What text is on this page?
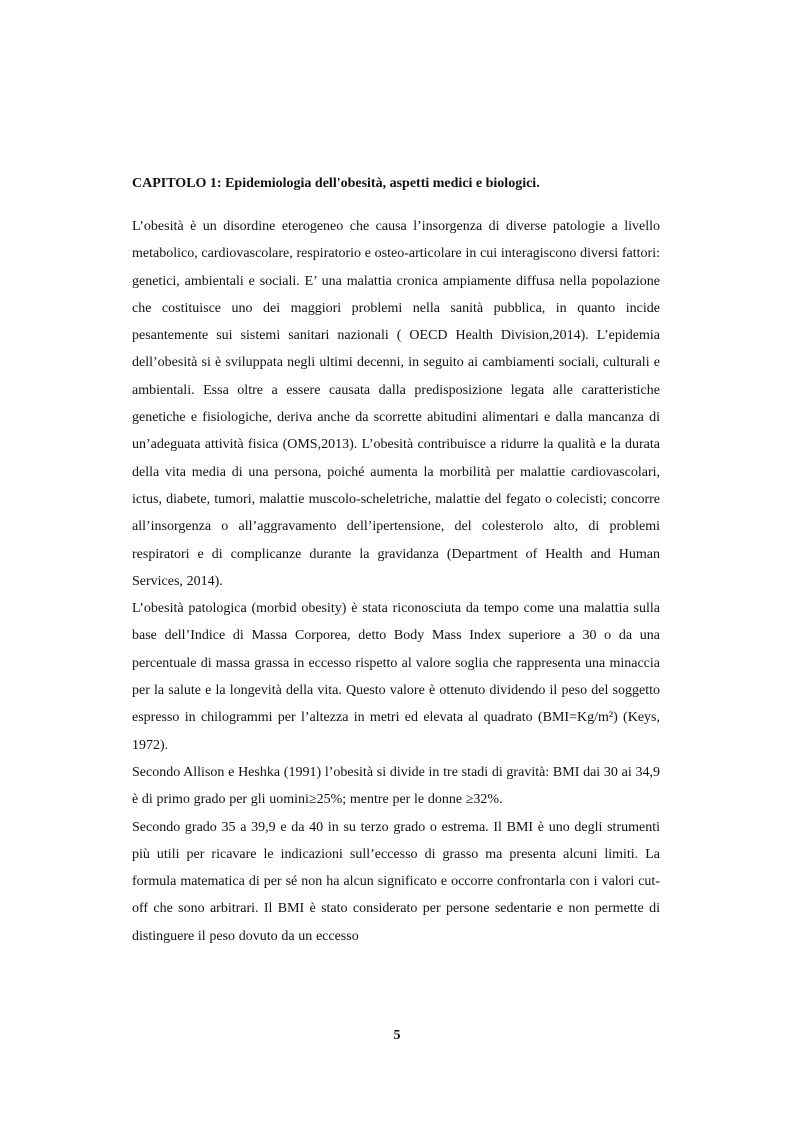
CAPITOLO 1: Epidemiologia dell'obesità, aspetti medici e biologici.

L’obesità è un disordine eterogeneo che causa l’insorgenza di diverse patologie a livello metabolico, cardiovascolare, respiratorio e osteo-articolare in cui interagiscono diversi fattori: genetici, ambientali e sociali. E’ una malattia cronica ampiamente diffusa nella popolazione che costituisce uno dei maggiori problemi nella sanità pubblica, in quanto incide pesantemente sui sistemi sanitari nazionali ( OECD Health Division,2014). L’epidemia dell’obesità si è sviluppata negli ultimi decenni, in seguito ai cambiamenti sociali, culturali e ambientali. Essa oltre a essere causata dalla predisposizione legata alle caratteristiche genetiche e fisiologiche, deriva anche da scorrette abitudini alimentari e dalla mancanza di un’adeguata attività fisica (OMS,2013). L’obesità contribuisce a ridurre la qualità e la durata della vita media di una persona, poiché aumenta la morbilità per malattie cardiovascolari, ictus, diabete, tumori, malattie muscolo-scheletriche, malattie del fegato o colecisti; concorre all’insorgenza o all’aggravamento dell’ipertensione, del colesterolo alto, di problemi respiratori e di complicanze durante la gravidanza (Department of Health and Human Services, 2014).

L’obesità patologica (morbid obesity) è stata riconosciuta da tempo come una malattia sulla base dell’Indice di Massa Corporea, detto Body Mass Index superiore a 30 o da una percentuale di massa grassa in eccesso rispetto al valore soglia che rappresenta una minaccia per la salute e la longevità della vita. Questo valore è ottenuto dividendo il peso del soggetto espresso in chilogrammi per l’altezza in metri ed elevata al quadrato (BMI=Kg/m²) (Keys, 1972).

Secondo Allison e Heshka (1991) l’obesità si divide in tre stadi di gravità: BMI dai 30 ai 34,9 è di primo grado per gli uomini≥25%; mentre per le donne ≥32%.

Secondo grado 35 a 39,9 e da 40 in su terzo grado o estrema. Il BMI è uno degli strumenti più utili per ricavare le indicazioni sull’eccesso di grasso ma presenta alcuni limiti. La formula matematica di per sé non ha alcun significato e occorre confrontarla con i valori cut-off che sono arbitrari. Il BMI è stato considerato per persone sedentarie e non permette di distinguere il peso dovuto da un eccesso

5
